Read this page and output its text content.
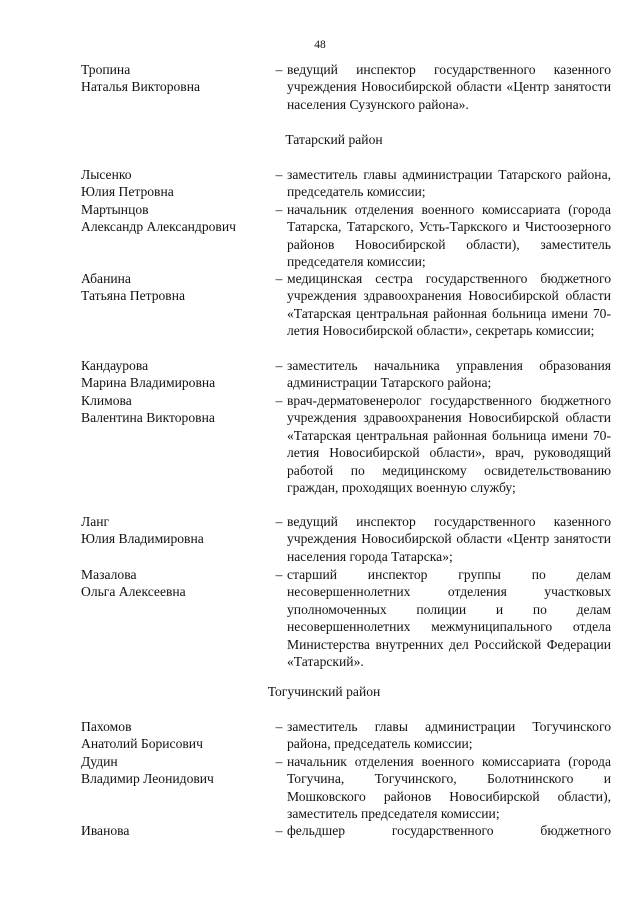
48
Тропина
Наталья Викторовна
– ведущий инспектор государственного казенного учреждения Новосибирской области «Центр занятости населения Сузунского района».
Татарский район
Лысенко
Юлия Петровна
– заместитель главы администрации Татарского района, председатель комиссии;
Мартынцов
Александр Александрович
– начальник отделения военного комиссариата (города Татарска, Татарского, Усть-Таркского и Чистоозерного районов Новосибирской области), заместитель председателя комиссии;
Абанина
Татьяна Петровна
– медицинская сестра государственного бюджетного учреждения здравоохранения Новосибирской области «Татарская центральная районная больница имени 70-летия Новосибирской области», секретарь комиссии;
Кандаурова
Марина Владимировна
– заместитель начальника управления образования администрации Татарского района;
Климова
Валентина Викторовна
– врач-дерматовенеролог государственного бюджетного учреждения здравоохранения Новосибирской области «Татарская центральная районная больница имени 70-летия Новосибирской области», врач, руководящий работой по медицинскому освидетельствованию граждан, проходящих военную службу;
Ланг
Юлия Владимировна
– ведущий инспектор государственного казенного учреждения Новосибирской области «Центр занятости населения города Татарска»;
Мазалова
Ольга Алексеевна
– старший инспектор группы по делам несовершеннолетних отделения участковых уполномоченных полиции и по делам несовершеннолетних межмуниципального отдела Министерства внутренних дел Российской Федерации «Татарский».
Тогучинский район
Пахомов
Анатолий Борисович
– заместитель главы администрации Тогучинского района, председатель комиссии;
Дудин
Владимир Леонидович
– начальник отделения военного комиссариата (города Тогучина, Тогучинского, Болотнинского и Мошковского районов Новосибирской области), заместитель председателя комиссии;
Иванова	– фельдшер государственного бюджетного
